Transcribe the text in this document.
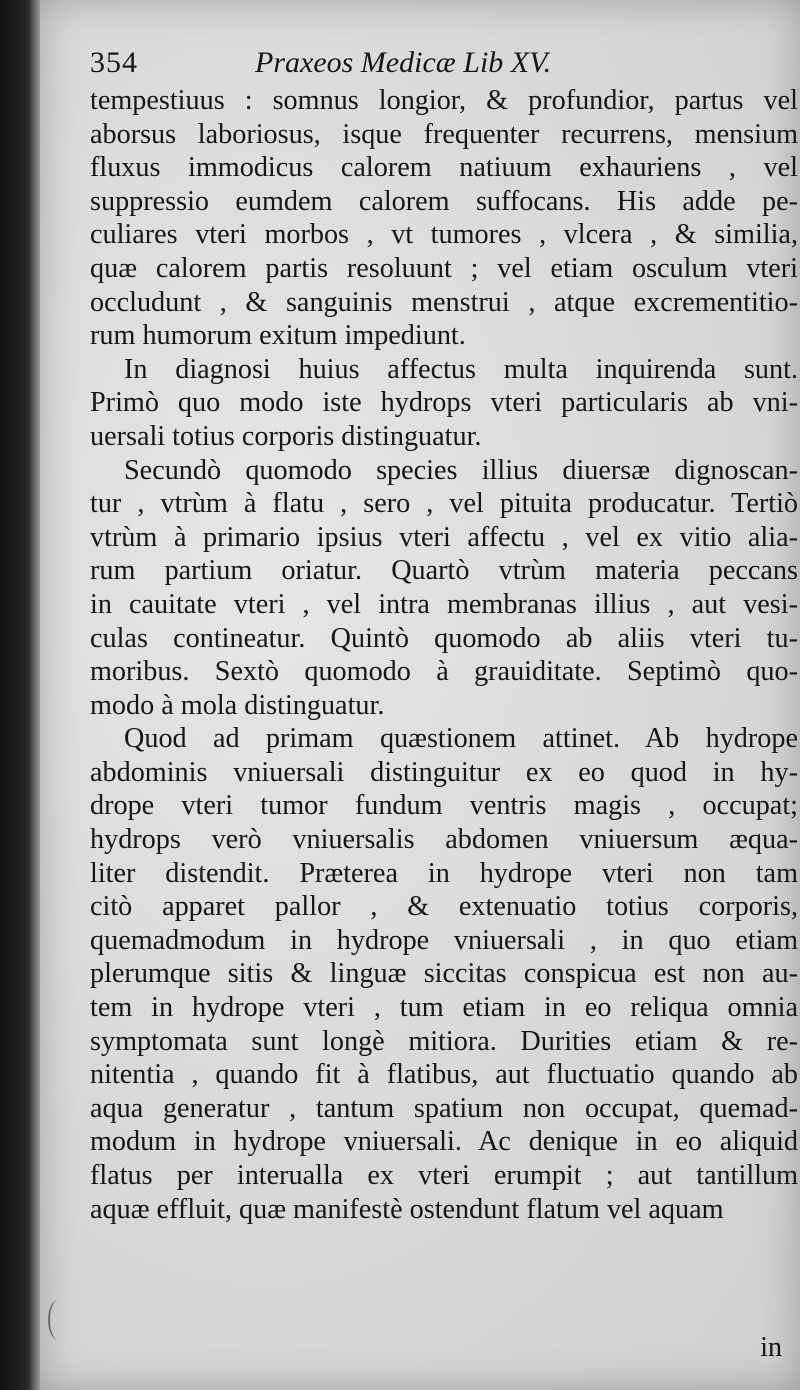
354	Praxeos Medicæ Lib XV.
tempestiuus : somnus longior, & profundior, partus vel
aborsus laboriosus, isque frequenter recurrens, mensium
fluxus immodicus calorem natiuum exhauriens , vel
suppressio eumdem calorem suffocans. His adde pe-
culiares vteri morbos , vt tumores , vlcera , & similia,
quæ calorem partis resoluunt ; vel etiam osculum vteri
occludunt , & sanguinis menstrui , atque excrementitio-
rum humorum exitum impediunt.
In diagnosi huius affectus multa inquirenda sunt.
Primò quo modo iste hydrops vteri particularis ab vni-
uersali totius corporis distinguatur.
Secundò quomodo species illius diuersæ dignoscan-
tur , vtrùm à flatu , sero , vel pituita producatur. Tertiò
vtrùm à primario ipsius vteri affectu , vel ex vitio alia-
rum partium oriatur. Quartò vtrùm materia peccans
in cauitate vteri , vel intra membranas illius , aut vesi-
culas contineatur. Quintò quomodo ab aliis vteri tu-
moribus. Sextò quomodo à grauiditate. Septimò quo-
modo à mola distinguatur.
Quod ad primam quæstionem attinet. Ab hydrope
abdominis vniuersali distinguitur ex eo quod in hy-
drope vteri tumor fundum ventris magis , occupat;
hydrops verò vniuersalis abdomen vniuersum æqua-
liter distendit. Præterea in hydrope vteri non tam
citò apparet pallor , & extenuatio totius corporis,
quemadmodum in hydrope vniuersali , in quo etiam
plerumque sitis & linguæ siccitas conspicua est non au-
tem in hydrope vteri , tum etiam in eo reliqua omnia
symptomata sunt longè mitiora. Durities etiam & re-
nitentia , quando fit à flatibus, aut fluctuatio quando ab
aqua generatur , tantum spatium non occupat, quemad-
modum in hydrope vniuersali. Ac denique in eo aliquid
flatus per interualla ex vteri erumpit ; aut tantillum
aquæ effluit, quæ manifestè ostendunt flatum vel aquam
in
